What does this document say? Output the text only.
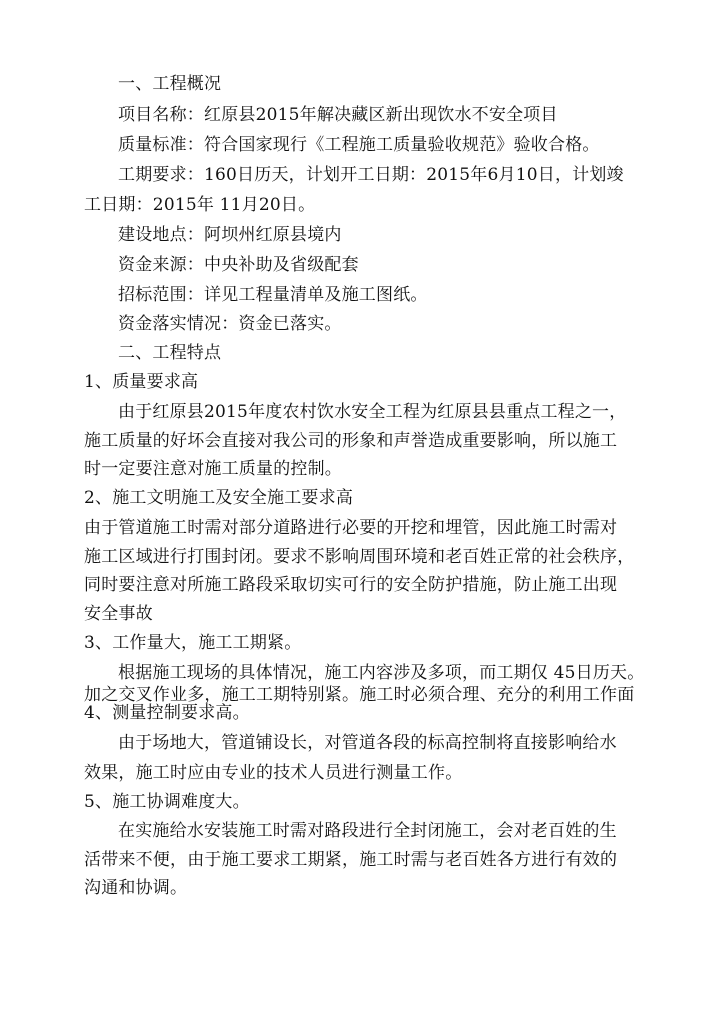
一、工程概况
项目名称：红原县2015年解决藏区新出现饮水不安全项目
质量标准：符合国家现行《工程施工质量验收规范》验收合格。
工期要求：160日历天，计划开工日期：2015年6月10日，计划竣
工日期：2015年 11月20日。
建设地点：阿坝州红原县境内
资金来源：中央补助及省级配套
招标范围：详见工程量清单及施工图纸。
资金落实情况：资金已落实。
二、工程特点
1、质量要求高
由于红原县2015年度农村饮水安全工程为红原县县重点工程之一，
施工质量的好坏会直接对我公司的形象和声誉造成重要影响，所以施工
时一定要注意对施工质量的控制。
2、施工文明施工及安全施工要求高
由于管道施工时需对部分道路进行必要的开挖和埋管，因此施工时需对
施工区域进行打围封闭。要求不影响周围环境和老百姓正常的社会秩序，
同时要注意对所施工路段采取切实可行的安全防护措施，防止施工出现
安全事故
3、工作量大，施工工期紧。
根据施工现场的具体情况，施工内容涉及多项，而工期仅 45日历天。
加之交叉作业多，施工工期特别紧。施工时必须合理、充分的利用工作面
4、测量控制要求高。
由于场地大，管道铺设长，对管道各段的标高控制将直接影响给水
效果，施工时应由专业的技术人员进行测量工作。
5、施工协调难度大。
在实施给水安装施工时需对路段进行全封闭施工，会对老百姓的生
活带来不便，由于施工要求工期紧，施工时需与老百姓各方进行有效的
沟通和协调。
